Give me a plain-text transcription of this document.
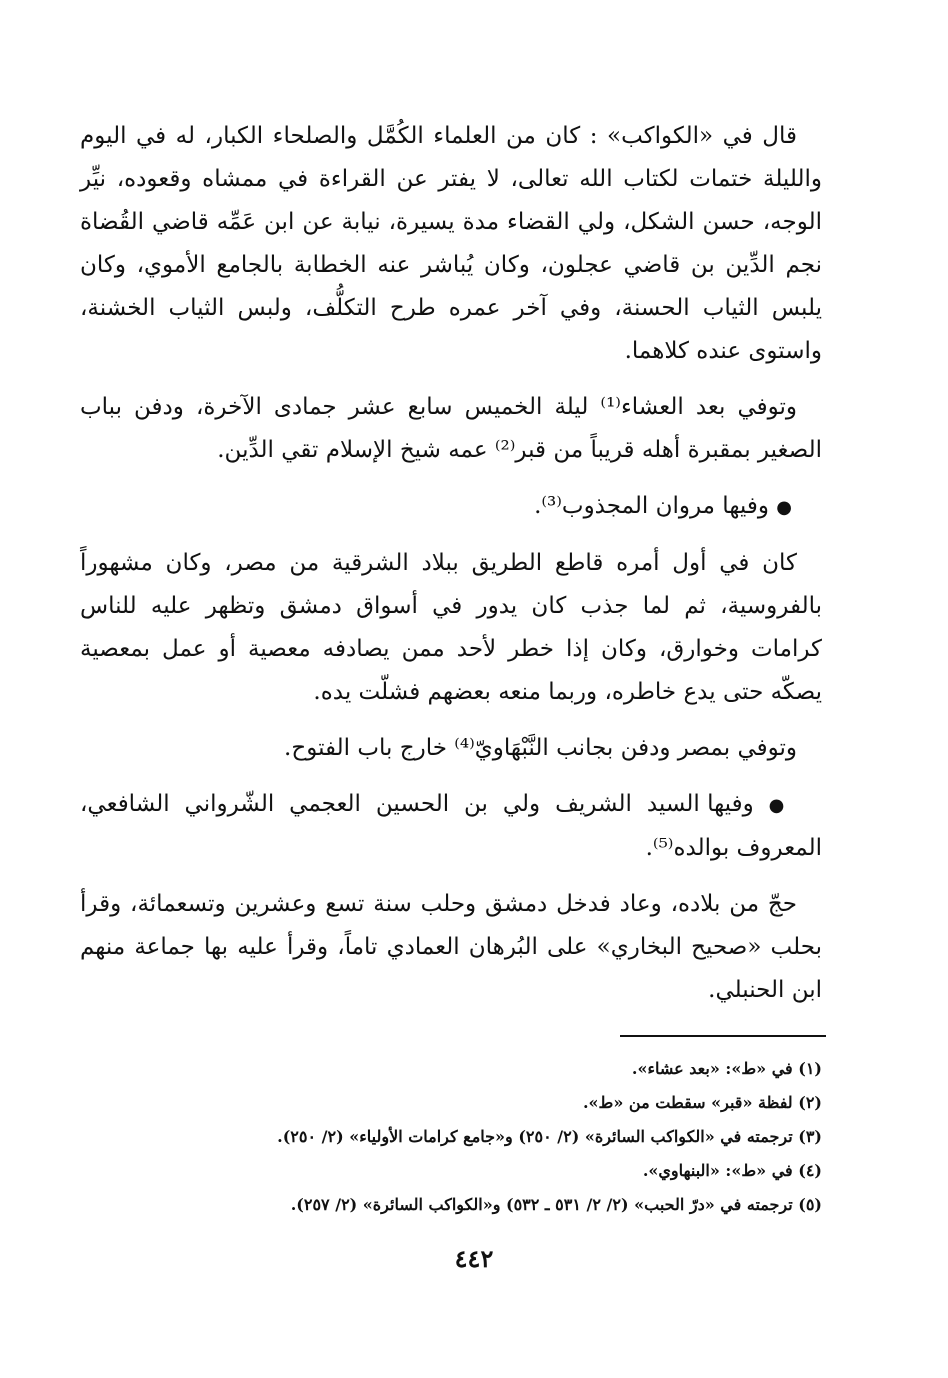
قال في «الكواكب» : كان من العلماء الكُمَّل والصلحاء الكبار، له في اليوم والليلة ختمات لكتاب الله تعالى، لا يفتر عن القراءة في ممشاه وقعوده، نيِّر الوجه، حسن الشكل، ولي القضاء مدة يسيرة، نيابة عن ابن عَمِّه قاضي القُضاة نجم الدِّين بن قاضي عجلون، وكان يُباشر عنه الخطابة بالجامع الأموي، وكان يلبس الثياب الحسنة، وفي آخر عمره طرح التكلُّف، ولبس الثياب الخشنة، واستوى عنده كلاهما.

وتوفي بعد العشاء⁽¹⁾ ليلة الخميس سابع عشر جمادى الآخرة، ودفن بباب الصغير بمقبرة أهله قريباً من قبر⁽²⁾ عمه شيخ الإسلام تقي الدِّين.

● وفيها مروان المجذوب⁽³⁾.

كان في أول أمره قاطع الطريق ببلاد الشرقية من مصر، وكان مشهوراً بالفروسية، ثم لما جذب كان يدور في أسواق دمشق وتظهر عليه للناس كرامات وخوارق، وكان إذا خطر لأحد ممن يصادفه معصية أو عمل بمعصية يصكّه حتى يدع خاطره، وربما منعه بعضهم فشلّت يده.

وتوفي بمصر ودفن بجانب النَّبْهَاويّ⁽⁴⁾ خارج باب الفتوح.

● وفيها السيد الشريف ولي بن الحسين العجمي الشّرواني الشافعي، المعروف بوالده⁽⁵⁾.

حجّ من بلاده، وعاد فدخل دمشق وحلب سنة تسع وعشرين وتسعمائة، وقرأ بحلب «صحيح البخاري» على البُرهان العمادي تاماً، وقرأ عليه بها جماعة منهم ابن الحنبلي.

(١) في «ط»: «بعد عشاء».

(٢) لفظة «قبر» سقطت من «ط».

(٣) ترجمته في «الكواكب السائرة» (٢/ ٢٥٠) و«جامع كرامات الأولياء» (٢/ ٢٥٠).

(٤) في «ط»: «البنهاوي».

(٥) ترجمته في «درّ الحبب» (٢/ ٢/ ٥٣١ ـ ٥٣٢) و«الكواكب السائرة» (٢/ ٢٥٧).

٤٤٢
